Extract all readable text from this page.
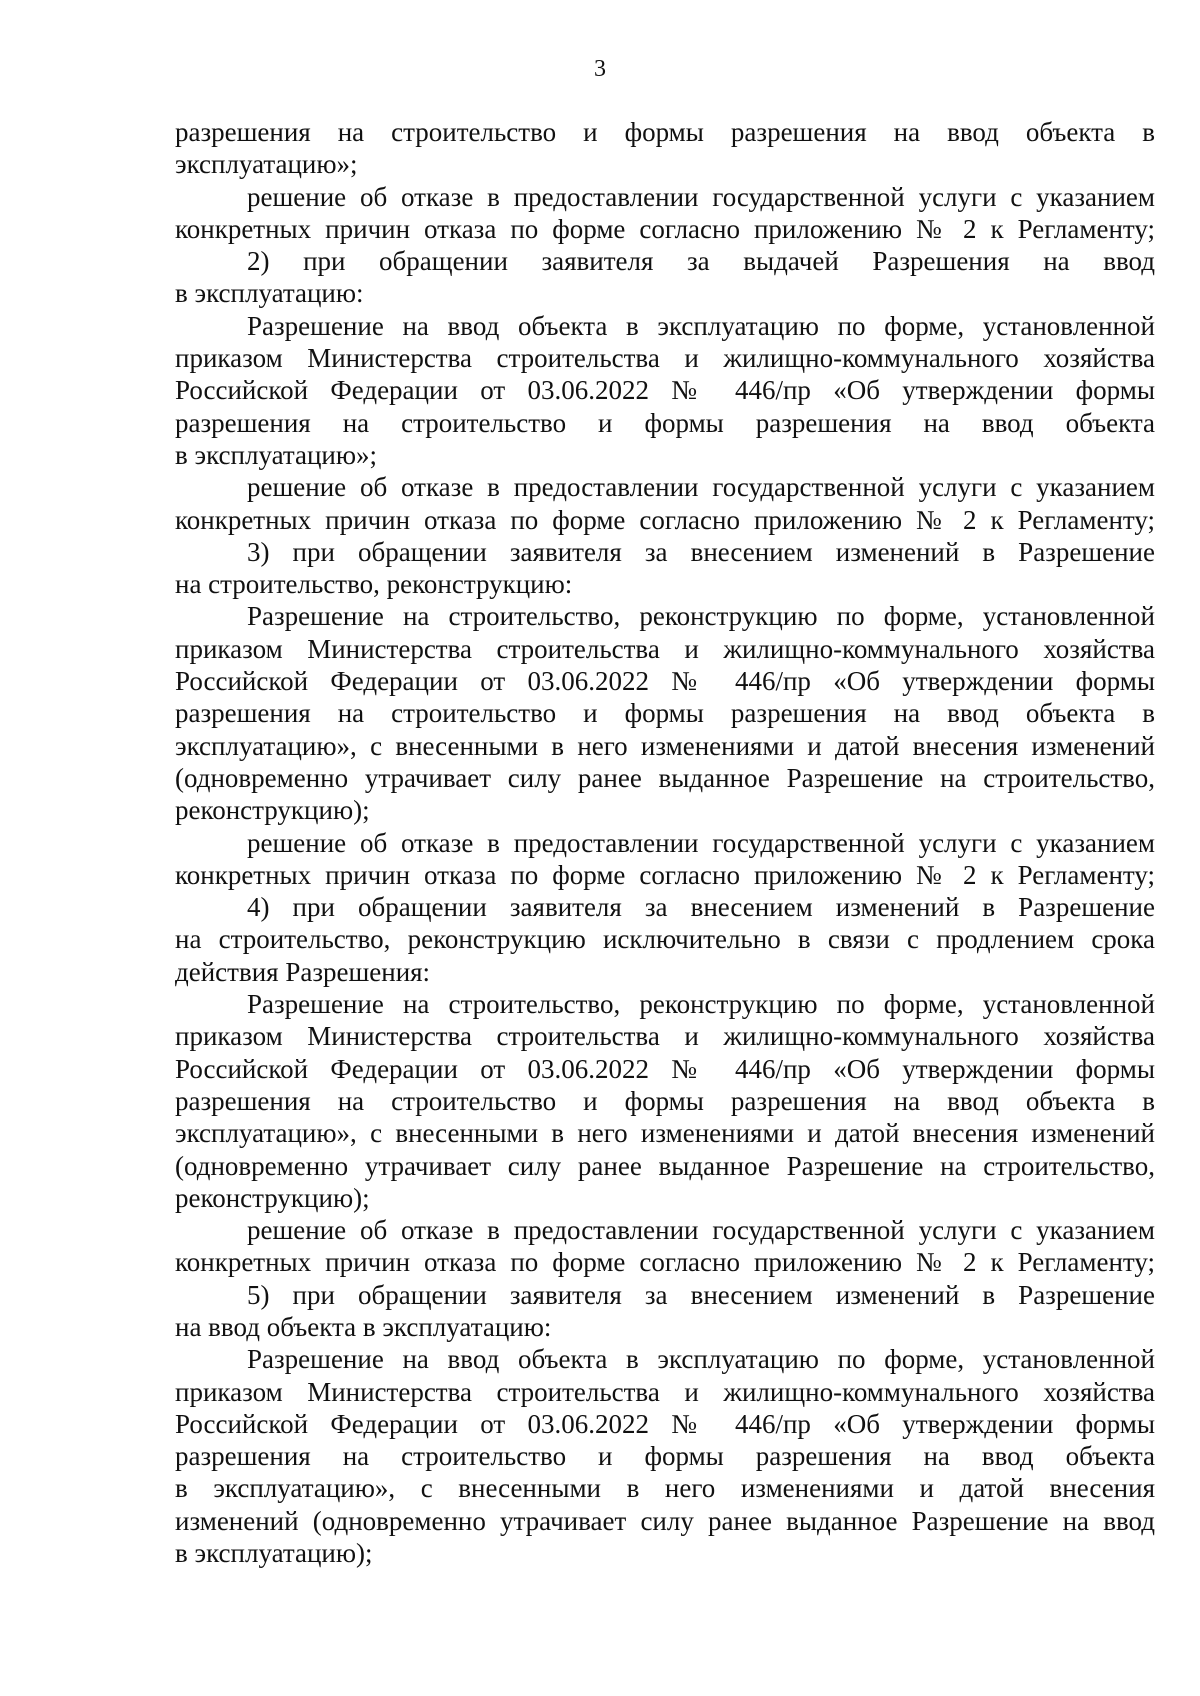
3
разрешения на строительство и формы разрешения на ввод объекта в
эксплуатацию»;
решение об отказе в предоставлении государственной услуги с указанием
конкретных причин отказа по форме согласно приложению № 2 к Регламенту;
2) при обращении заявителя за выдачей Разрешения на ввод
в эксплуатацию:
Разрешение на ввод объекта в эксплуатацию по форме, установленной
приказом Министерства строительства и жилищно-коммунального хозяйства
Российской Федерации от 03.06.2022 № 446/пр «Об утверждении формы
разрешения на строительство и формы разрешения на ввод объекта
в эксплуатацию»;
решение об отказе в предоставлении государственной услуги с указанием
конкретных причин отказа по форме согласно приложению № 2 к Регламенту;
3) при обращении заявителя за внесением изменений в Разрешение
на строительство, реконструкцию:
Разрешение на строительство, реконструкцию по форме, установленной
приказом Министерства строительства и жилищно-коммунального хозяйства
Российской Федерации от 03.06.2022 № 446/пр «Об утверждении формы
разрешения на строительство и формы разрешения на ввод объекта в
эксплуатацию», с внесенными в него изменениями и датой внесения изменений
(одновременно утрачивает силу ранее выданное Разрешение на строительство,
реконструкцию);
решение об отказе в предоставлении государственной услуги с указанием
конкретных причин отказа по форме согласно приложению № 2 к Регламенту;
4) при обращении заявителя за внесением изменений в Разрешение
на строительство, реконструкцию исключительно в связи с продлением срока
действия Разрешения:
Разрешение на строительство, реконструкцию по форме, установленной
приказом Министерства строительства и жилищно-коммунального хозяйства
Российской Федерации от 03.06.2022 № 446/пр «Об утверждении формы
разрешения на строительство и формы разрешения на ввод объекта в
эксплуатацию», с внесенными в него изменениями и датой внесения изменений
(одновременно утрачивает силу ранее выданное Разрешение на строительство,
реконструкцию);
решение об отказе в предоставлении государственной услуги с указанием
конкретных причин отказа по форме согласно приложению № 2 к Регламенту;
5) при обращении заявителя за внесением изменений в Разрешение
на ввод объекта в эксплуатацию:
Разрешение на ввод объекта в эксплуатацию по форме, установленной
приказом Министерства строительства и жилищно-коммунального хозяйства
Российской Федерации от 03.06.2022 № 446/пр «Об утверждении формы
разрешения на строительство и формы разрешения на ввод объекта
в эксплуатацию», с внесенными в него изменениями и датой внесения
изменений (одновременно утрачивает силу ранее выданное Разрешение на ввод
в эксплуатацию);
